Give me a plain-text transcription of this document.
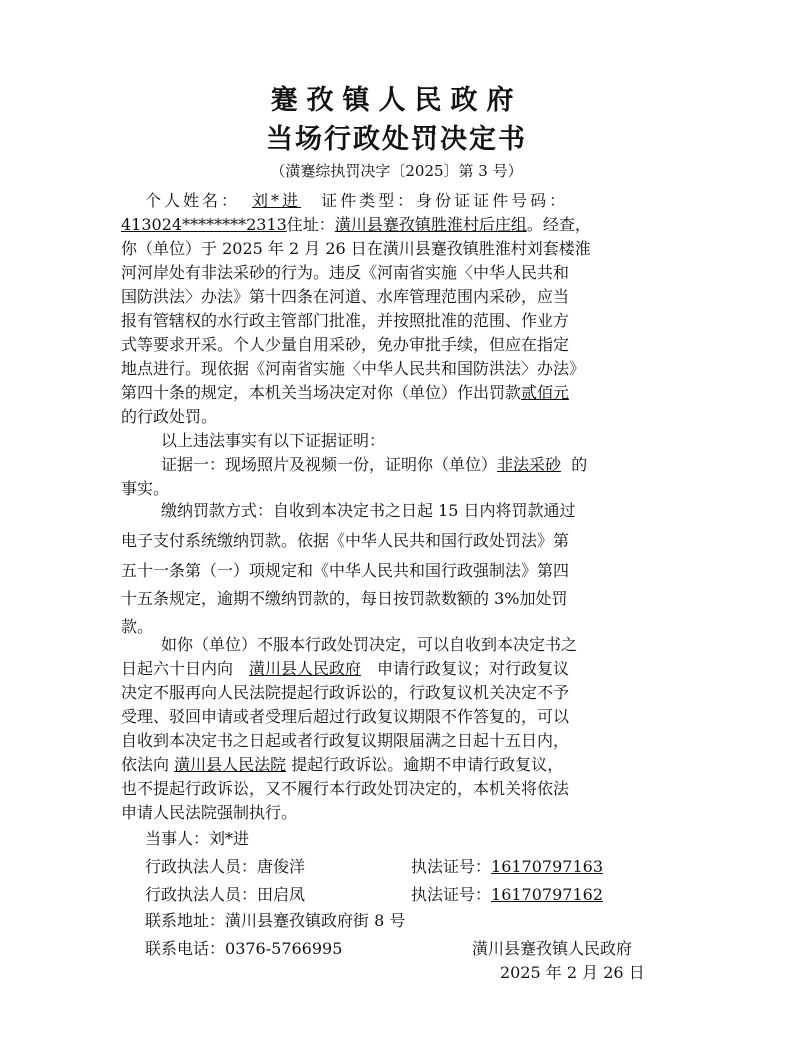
蹇孜镇人民政府
当场行政处罚决定书
（潢蹇综执罚决字〔2025〕第 3 号）
个人姓名： 刘*进 证件类型：身份证证件号码：
413024********2313住址：潢川县蹇孜镇胜淮村后庄组。经查，
你（单位）于 2025 年 2 月 26 日在潢川县蹇孜镇胜淮村刘套楼淮
河河岸处有非法采砂的行为。违反《河南省实施〈中华人民共和
国防洪法〉办法》第十四条在河道、水库管理范围内采砂，应当
报有管辖权的水行政主管部门批准，并按照批准的范围、作业方
式等要求开采。个人少量自用采砂，免办审批手续，但应在指定
地点进行。现依据《河南省实施〈中华人民共和国防洪法〉办法》
第四十条的规定，本机关当场决定对你（单位）作出罚款贰佰元
的行政处罚。
以上违法事实有以下证据证明：
证据一：现场照片及视频一份，证明你（单位）非法采砂 的
事实。
缴纳罚款方式：自收到本决定书之日起 15 日内将罚款通过
电子支付系统缴纳罚款。依据《中华人民共和国行政处罚法》第
五十一条第（一）项规定和《中华人民共和国行政强制法》第四
十五条规定，逾期不缴纳罚款的，每日按罚款数额的 3%加处罚
款。
如你（单位）不服本行政处罚决定，可以自收到本决定书之
日起六十日内向 潢川县人民政府 申请行政复议；对行政复议
决定不服再向人民法院提起行政诉讼的，行政复议机关决定不予
受理、驳回申请或者受理后超过行政复议期限不作答复的，可以
自收到本决定书之日起或者行政复议期限届满之日起十五日内，
依法向 潢川县人民法院 提起行政诉讼。逾期不申请行政复议，
也不提起行政诉讼，又不履行本行政处罚决定的，本机关将依法
申请人民法院强制执行。
当事人：刘*进
行政执法人员：唐俊洋	执法证号：16170797163
行政执法人员：田启凤	执法证号：16170797162
联系地址：潢川县蹇孜镇政府街 8 号
联系电话：0376-5766995	潢川县蹇孜镇人民政府
2025 年 2 月 26 日
